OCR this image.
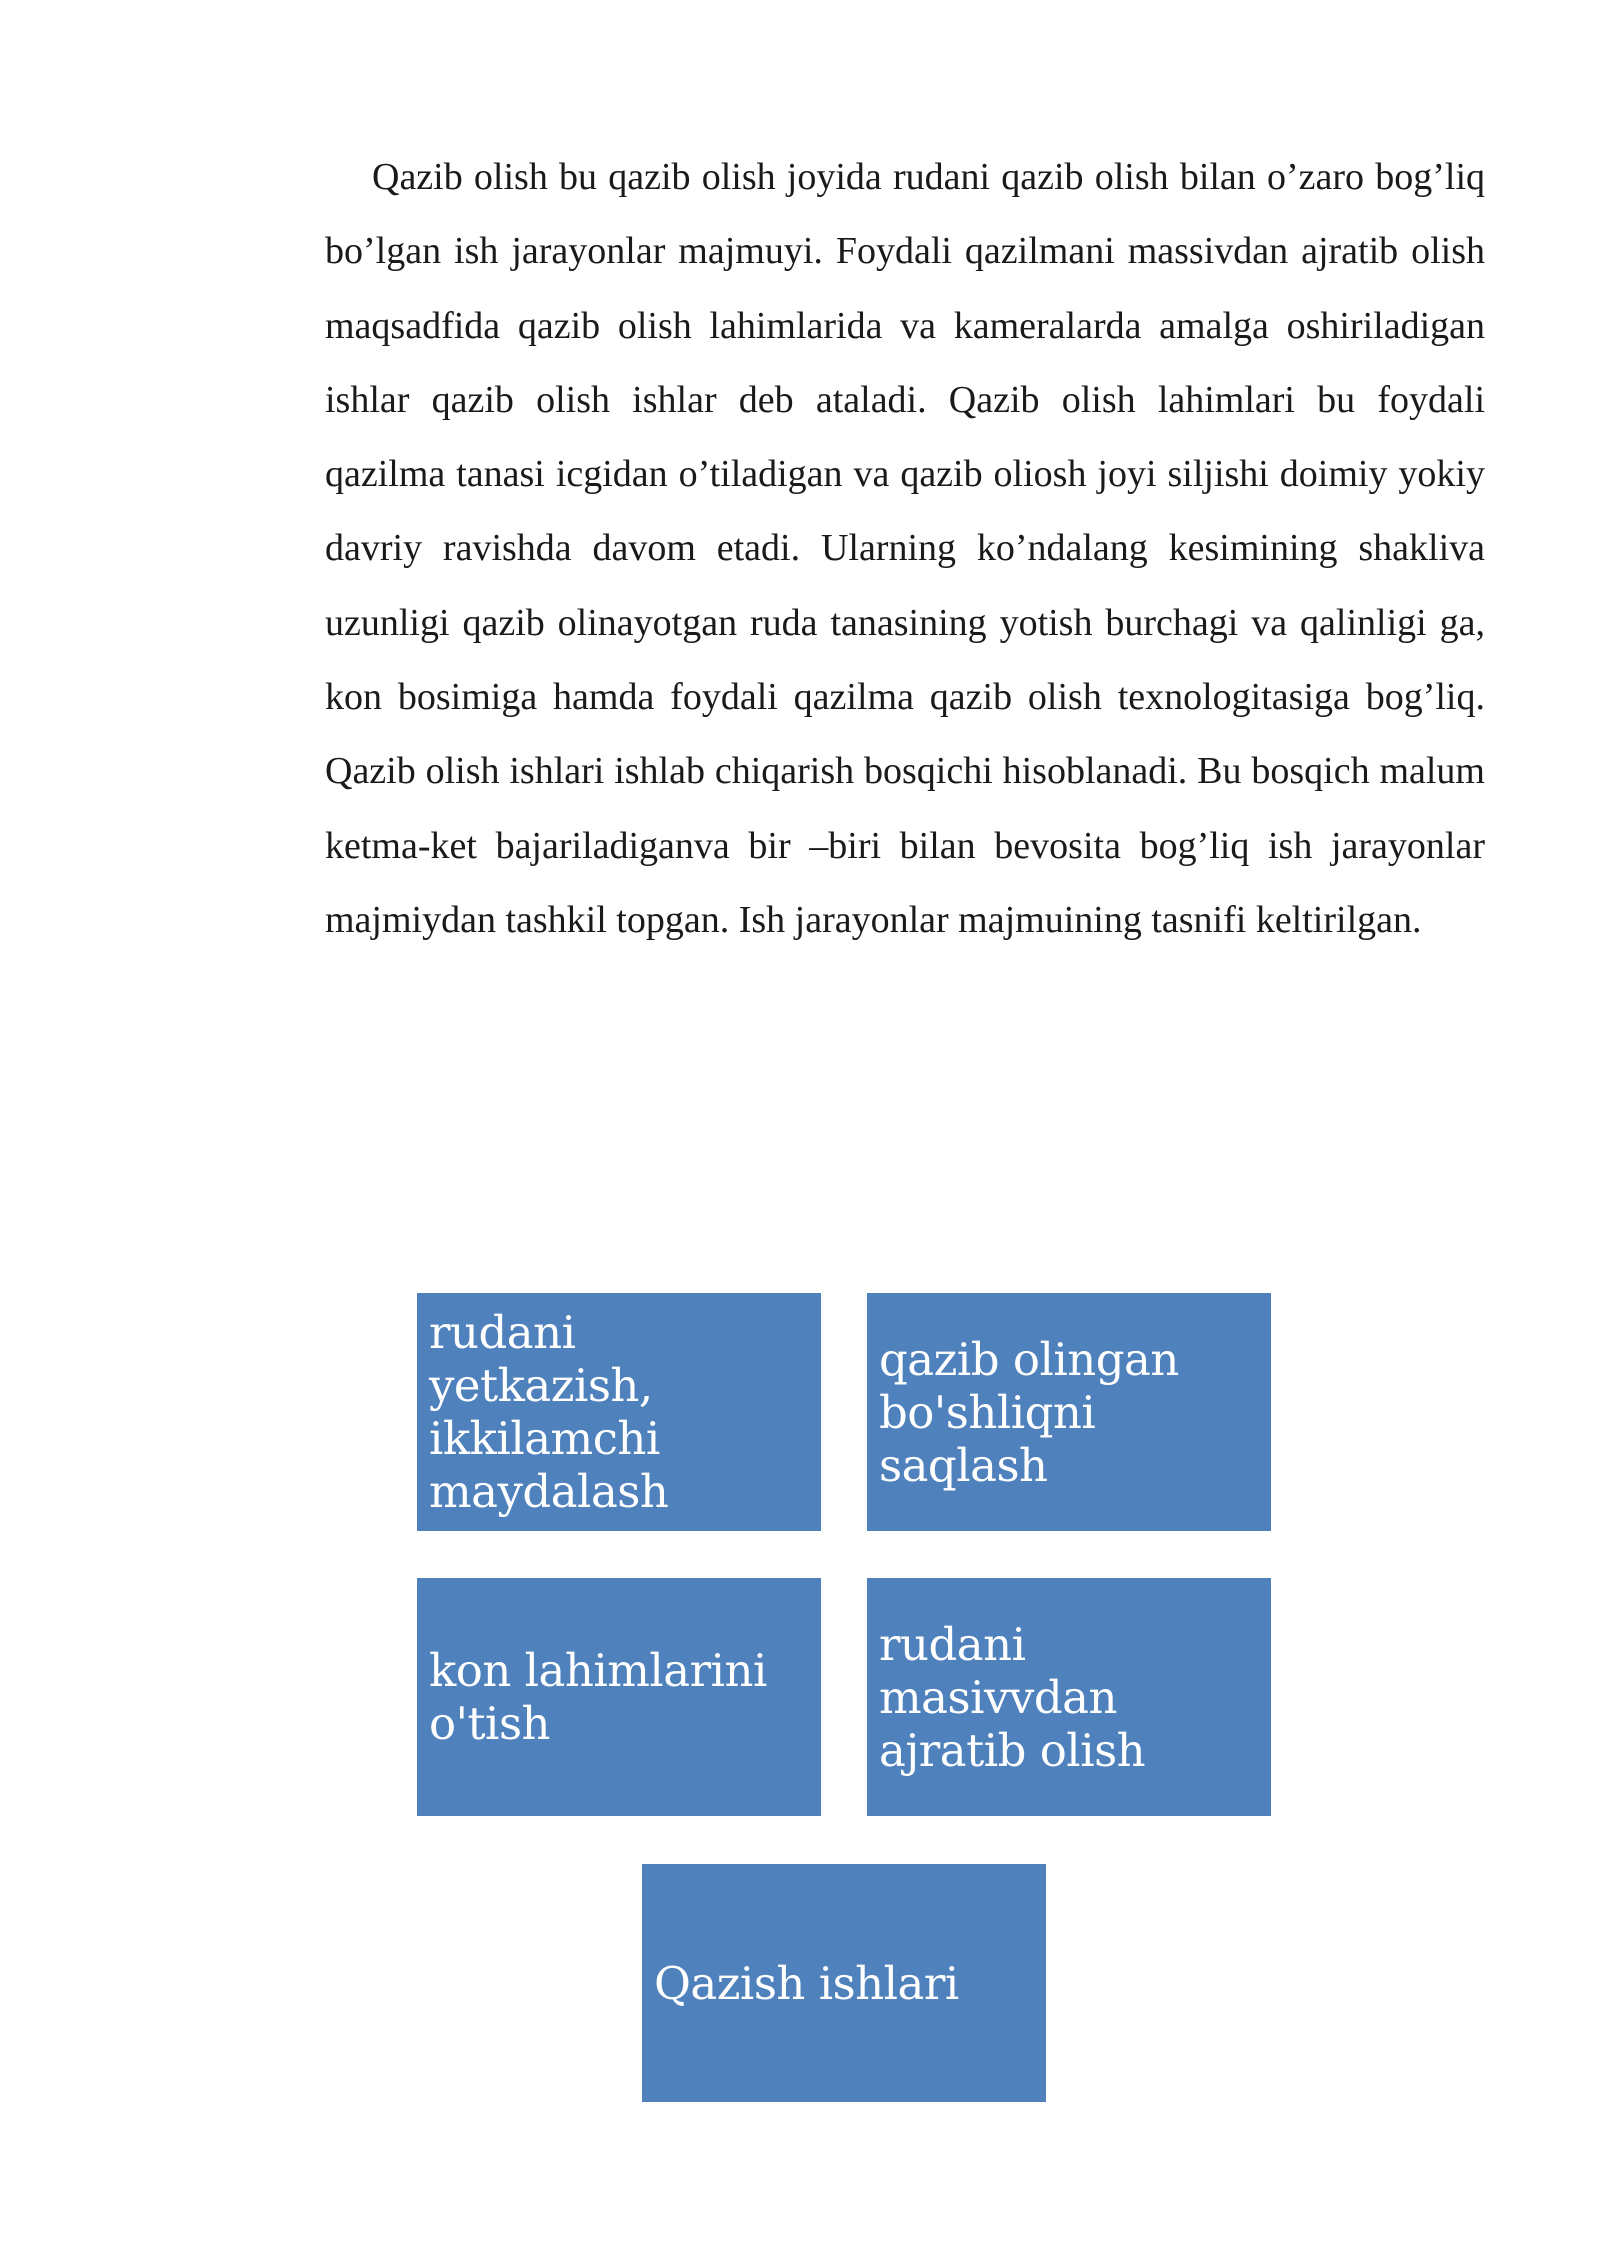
Qazib olish bu qazib olish joyida rudani qazib olish bilan o’zaro bog’liq bo’lgan ish jarayonlar majmuyi. Foydali qazilmani massivdan ajratib olish maqsadfida qazib olish lahimlarida va kameralarda amalga oshiriladigan ishlar qazib olish ishlar deb ataladi. Qazib olish lahimlari bu foydali qazilma tanasi icgidan o’tiladigan va qazib oliosh joyi siljishi doimiy yokiy davriy ravishda davom etadi. Ularning ko’ndalang kesimining shakliva uzunligi qazib olinayotgan ruda tanasining yotish burchagi va qalinligi ga, kon bosimiga hamda foydali qazilma qazib olish texnologitasiga bog’liq. Qazib olish ishlari ishlab chiqarish bosqichi hisoblanadi. Bu bosqich malum ketma-ket bajariladiganva bir –biri bilan bevosita bog’liq ish jarayonlar majmiydan tashkil topgan. Ish jarayonlar majmuining tasnifi keltirilgan.

rudani yetkazish, ikkilamchi maydalash
qazib olingan bo'shliqni saqlash
kon lahimlarini o'tish
rudani masivvdan ajratib olish
Qazish ishlari
